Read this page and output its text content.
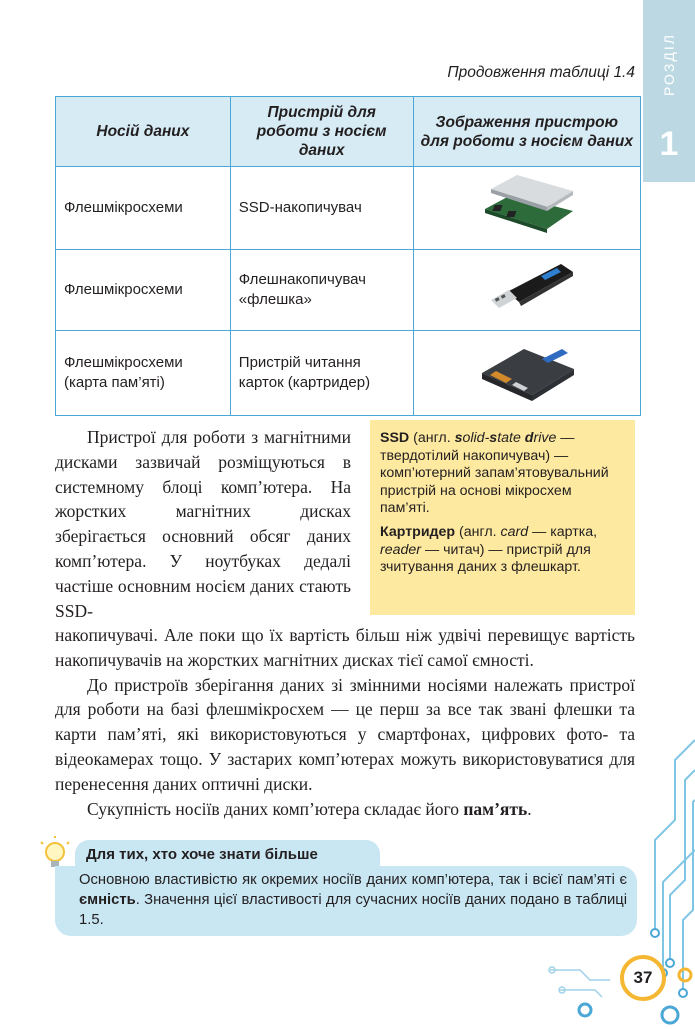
РОЗДІЛ
1
Продовження таблиці 1.4
Носій даних	Пристрій для роботи з носієм даних	Зображення пристрою для роботи з носієм даних
Флешмікросхеми	SSD-накопичувач	
Флешмікросхеми	Флешнакопичувач «флешка»	
Флешмікросхеми (карта пам’яті)	Пристрій читання карток (картридер)	

Пристрої для роботи з магнітними дисками зазвичай розміщуються в системному блоці комп’ютера. На жорстких магнітних дисках зберігається основний обсяг даних комп’ютера. У ноутбуках дедалі частіше основним носієм даних стають SSD-

SSD (англ. solid-state drive — твердотілий накопичувач) — комп’ютерний запам’ятовувальний пристрій на основі мікросхем пам’яті.

Картридер (англ. card — картка, reader — читач) — пристрій для зчитування даних з флешкарт.

накопичувачі. Але поки що їх вартість більш ніж удвічі перевищує вартість накопичувачів на жорстких магнітних дисках тієї самої ємності.

До пристроїв зберігання даних зі змінними носіями належать пристрої для роботи на базі флешмікросхем — це перш за все так звані флешки та карти пам’яті, які використовуються у смартфонах, цифрових фото- та відеокамерах тощо. У застарих комп’ютерах можуть використовуватися для перенесення даних оптичні диски.

Сукупність носіїв даних комп’ютера складає його пам’ять.

Для тих, хто хоче знати більше
Основною властивістю як окремих носіїв даних комп’ютера, так і всієї пам’яті є ємність. Значення цієї властивості для сучасних носіїв даних подано в таблиці 1.5.
37
